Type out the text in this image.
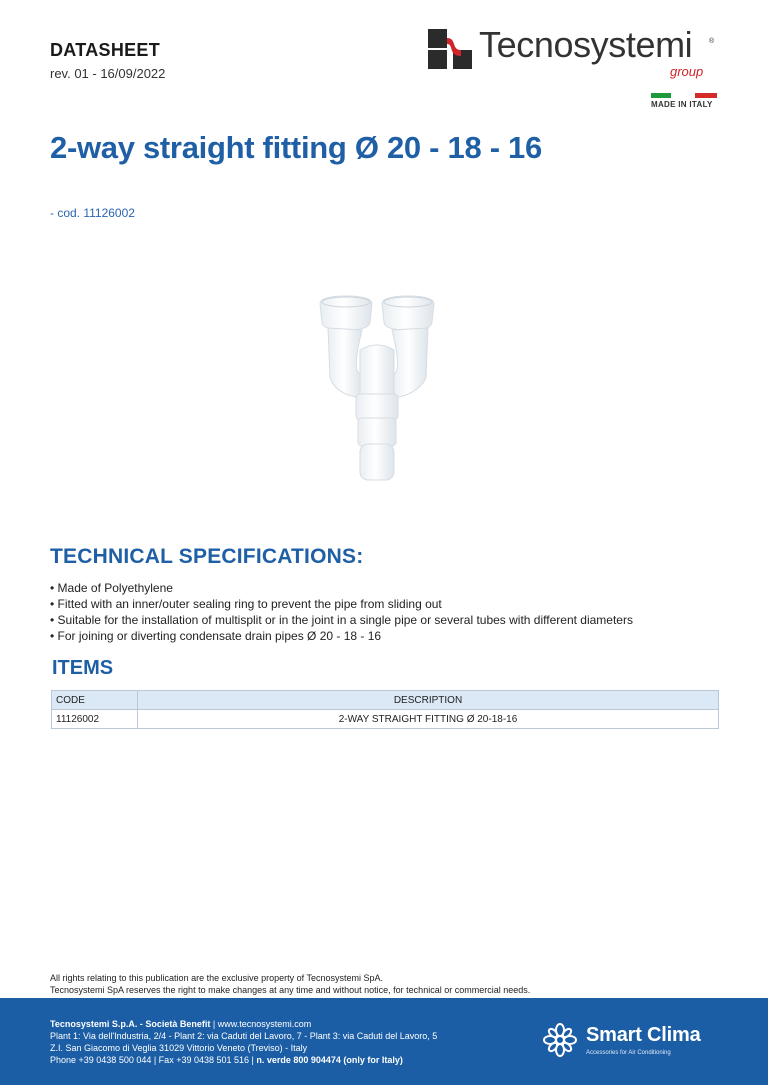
DATASHEET
rev. 01 - 16/09/2022
Tecnosystemi ®
group
MADE IN ITALY
2-way straight fitting Ø 20 - 18 - 16
- cod. 11126002
TECHNICAL SPECIFICATIONS:
• Made of Polyethylene
• Fitted with an inner/outer sealing ring to prevent the pipe from sliding out
• Suitable for the installation of multisplit or in the joint in a single pipe or several tubes with different diameters
• For joining or diverting condensate drain pipes Ø 20 - 18 - 16
ITEMS
CODE	DESCRIPTION
11126002	2-WAY STRAIGHT FITTING Ø 20-18-16
All rights relating to this publication are the exclusive property of Tecnosystemi SpA.
Tecnosystemi SpA reserves the right to make changes at any time and without notice, for technical or commercial needs.
Tecnosystemi S.p.A. - Società Benefit | www.tecnosystemi.com
Plant 1: Via dell'Industria, 2/4 - Plant 2: via Caduti del Lavoro, 7 - Plant 3: via Caduti del Lavoro, 5
Z.I. San Giacomo di Veglia 31029 Vittorio Veneto (Treviso) - Italy
Phone +39 0438 500 044 | Fax +39 0438 501 516 | n. verde 800 904474 (only for Italy)
Smart Clima
Accessories for Air Conditioning
